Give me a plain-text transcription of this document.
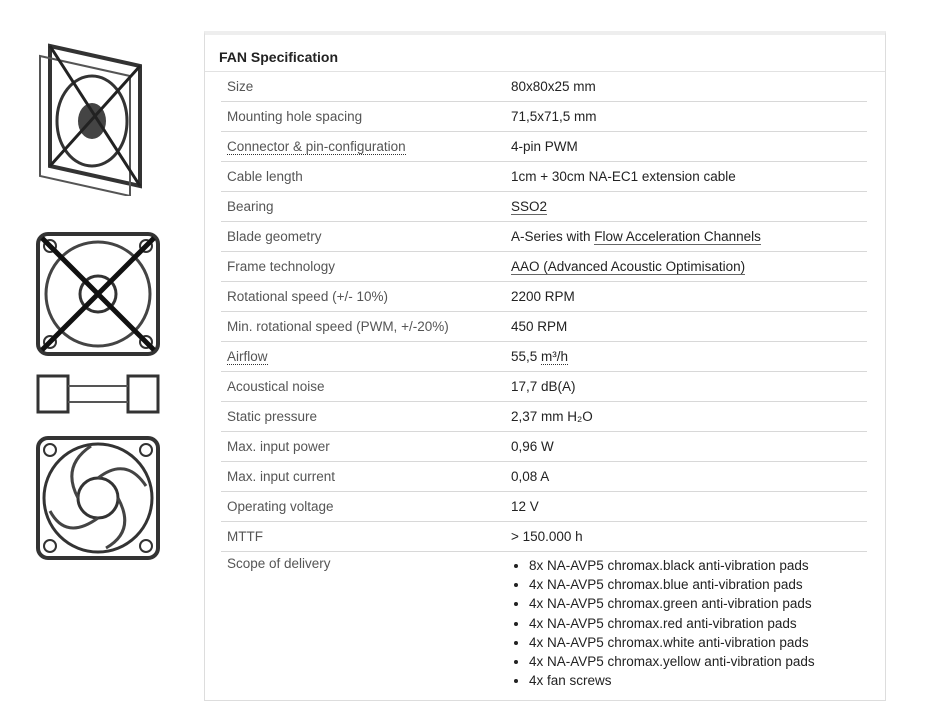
FAN Specification
Size	80x80x25 mm
Mounting hole spacing	71,5x71,5 mm
Connector & pin-configuration	4-pin PWM
Cable length	1cm + 30cm NA-EC1 extension cable
Bearing	SSO2
Blade geometry	A-Series with Flow Acceleration Channels
Frame technology	AAO (Advanced Acoustic Optimisation)
Rotational speed (+/- 10%)	2200 RPM
Min. rotational speed (PWM, +/-20%)	450 RPM
Airflow	55,5 m³/h
Acoustical noise	17,7 dB(A)
Static pressure	2,37 mm H₂O
Max. input power	0,96 W
Max. input current	0,08 A
Operating voltage	12 V
MTTF	> 150.000 h
Scope of delivery	• 8x NA-AVP5 chromax.black anti-vibration pads
• 4x NA-AVP5 chromax.blue anti-vibration pads
• 4x NA-AVP5 chromax.green anti-vibration pads
• 4x NA-AVP5 chromax.red anti-vibration pads
• 4x NA-AVP5 chromax.white anti-vibration pads
• 4x NA-AVP5 chromax.yellow anti-vibration pads
• 4x fan screws
